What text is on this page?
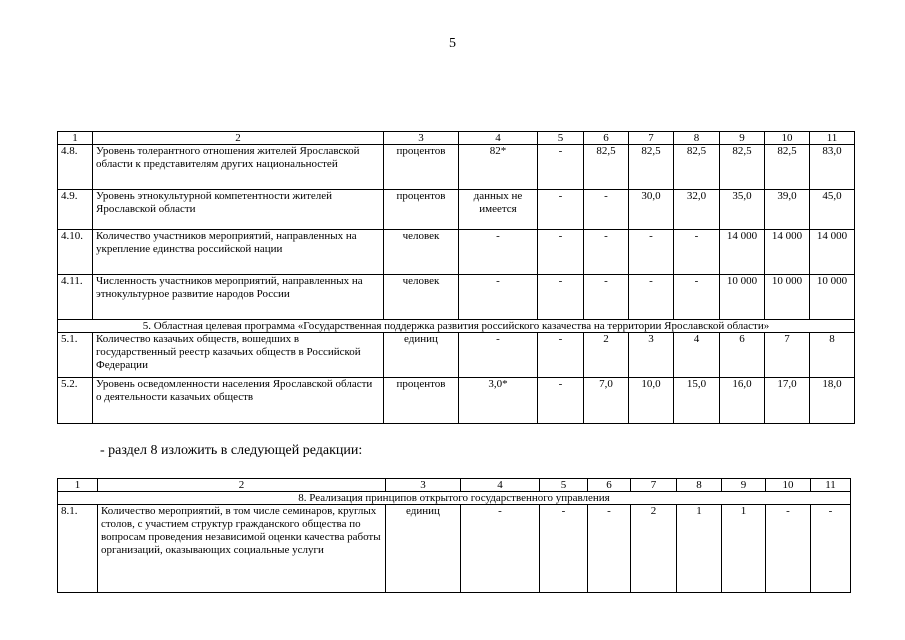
5
1	2	3	4	5	6	7	8	9	10	11
4.8.	Уровень толерантного отношения жителей Ярославской области к представителям других национальностей	процентов	82*	-	82,5	82,5	82,5	82,5	82,5	83,0
4.9.	Уровень этнокультурной компетентности жителей Ярославской области	процентов	данных не имеется	-	-	30,0	32,0	35,0	39,0	45,0
4.10.	Количество участников мероприятий, направленных на укрепление единства российской нации	человек	-	-	-	-	-	14 000	14 000	14 000
4.11.	Численность участников мероприятий, направленных на этнокультурное развитие народов России	человек	-	-	-	-	-	10 000	10 000	10 000
5. Областная целевая программа «Государственная поддержка развития российского казачества на территории Ярославской области»										
5.1.	Количество казачьих обществ, вошедших в государственный реестр казачьих обществ в Российской Федерации	единиц	-	-	2	3	4	6	7	8
5.2.	Уровень осведомленности населения Ярославской области о деятельности казачьих обществ	процентов	3,0*	-	7,0	10,0	15,0	16,0	17,0	18,0
- раздел 8 изложить в следующей редакции:
1	2	3	4	5	6	7	8	9	10	11
8. Реализация принципов открытого государственного управления										
8.1.	Количество мероприятий, в том числе семинаров, круглых столов, с участием структур гражданского общества по вопросам проведения независимой оценки качества работы организаций, оказывающих социальные услуги	единиц	-	-	-	2	1	1	-	-
